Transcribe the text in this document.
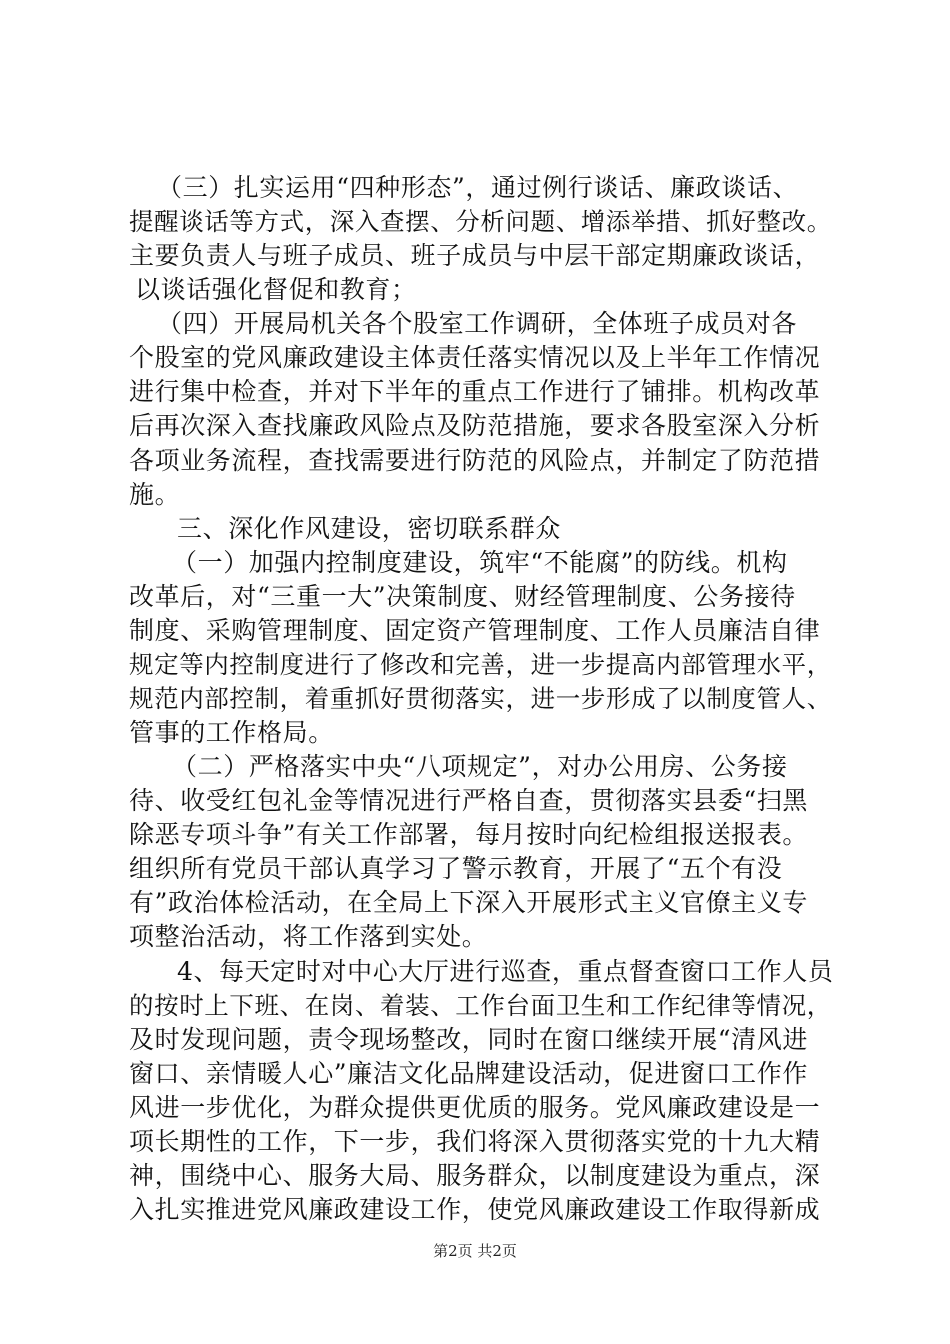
（三）扎实运用“四种形态”，通过例行谈话、廉政谈话、
提醒谈话等方式，深入查摆、分析问题、增添举措、抓好整改。
主要负责人与班子成员、班子成员与中层干部定期廉政谈话，
以谈话强化督促和教育；
（四）开展局机关各个股室工作调研，全体班子成员对各
个股室的党风廉政建设主体责任落实情况以及上半年工作情况
进行集中检查，并对下半年的重点工作进行了铺排。机构改革
后再次深入查找廉政风险点及防范措施，要求各股室深入分析
各项业务流程，查找需要进行防范的风险点，并制定了防范措
施。
三、深化作风建设，密切联系群众
（一）加强内控制度建设，筑牢“不能腐”的防线。机构
改革后，对“三重一大”决策制度、财经管理制度、公务接待
制度、采购管理制度、固定资产管理制度、工作人员廉洁自律
规定等内控制度进行了修改和完善，进一步提高内部管理水平，
规范内部控制，着重抓好贯彻落实，进一步形成了以制度管人、
管事的工作格局。
（二）严格落实中央“八项规定”，对办公用房、公务接
待、收受红包礼金等情况进行严格自查，贯彻落实县委“扫黑
除恶专项斗争”有关工作部署，每月按时向纪检组报送报表。
组织所有党员干部认真学习了警示教育，开展了“五个有没
有”政治体检活动，在全局上下深入开展形式主义官僚主义专
项整治活动，将工作落到实处。
4、每天定时对中心大厅进行巡查，重点督查窗口工作人员
的按时上下班、在岗、着装、工作台面卫生和工作纪律等情况，
及时发现问题，责令现场整改，同时在窗口继续开展“清风进
窗口、亲情暖人心”廉洁文化品牌建设活动，促进窗口工作作
风进一步优化，为群众提供更优质的服务。党风廉政建设是一
项长期性的工作，下一步，我们将深入贯彻落实党的十九大精
神，围绕中心、服务大局、服务群众，以制度建设为重点，深
入扎实推进党风廉政建设工作，使党风廉政建设工作取得新成
第2页 共2页
